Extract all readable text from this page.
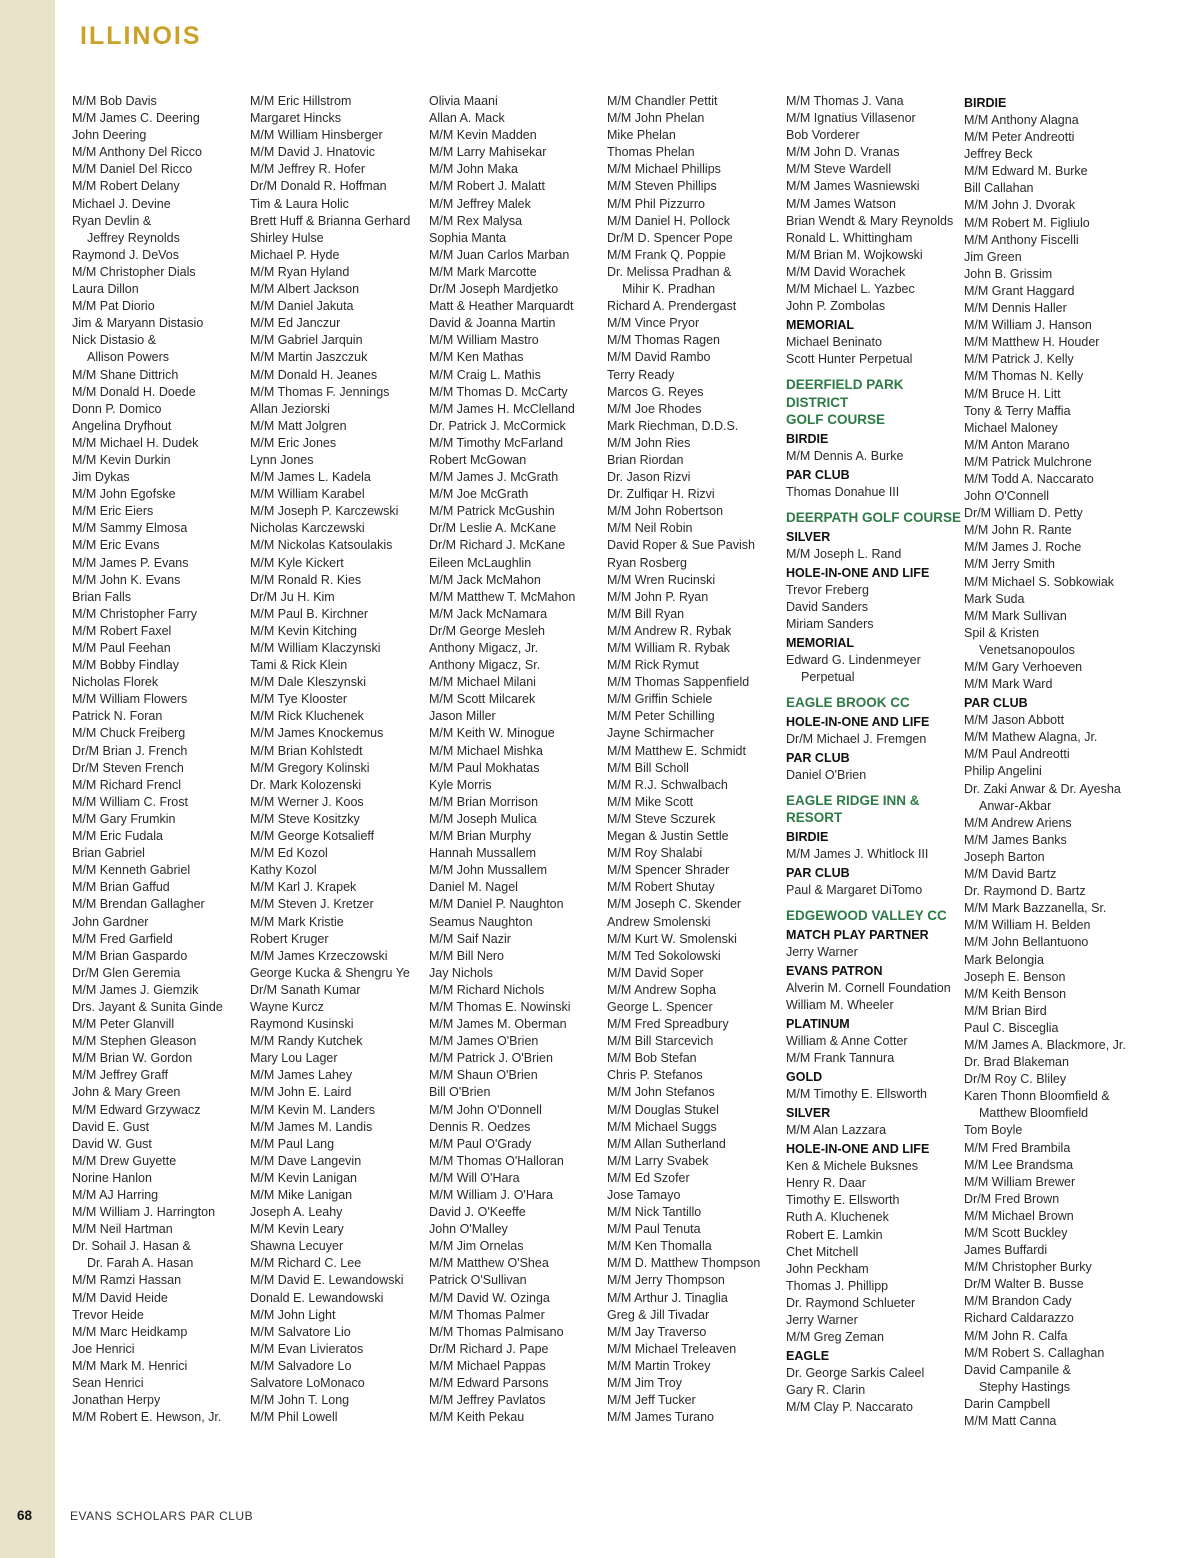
ILLINOIS
M/M Bob Davis
M/M James C. Deering
John Deering
M/M Anthony Del Ricco
M/M Daniel Del Ricco
M/M Robert Delany
Michael J. Devine
Ryan Devlin &
Jeffrey Reynolds
Raymond J. DeVos
M/M Christopher Dials
Laura Dillon
M/M Pat Diorio
Jim & Maryann Distasio
Nick Distasio &
Allison Powers
M/M Shane Dittrich
M/M Donald H. Doede
Donn P. Domico
Angelina Dryfhout
M/M Michael H. Dudek
M/M Kevin Durkin
Jim Dykas
M/M John Egofske
M/M Eric Eiers
M/M Sammy Elmosa
M/M Eric Evans
M/M James P. Evans
M/M John K. Evans
Brian Falls
M/M Christopher Farry
M/M Robert Faxel
M/M Paul Feehan
M/M Bobby Findlay
Nicholas Florek
M/M William Flowers
Patrick N. Foran
M/M Chuck Freiberg
Dr/M Brian J. French
Dr/M Steven French
M/M Richard Frencl
M/M William C. Frost
M/M Gary Frumkin
M/M Eric Fudala
Brian Gabriel
M/M Kenneth Gabriel
M/M Brian Gaffud
M/M Brendan Gallagher
John Gardner
M/M Fred Garfield
M/M Brian Gaspardo
Dr/M Glen Geremia
M/M James J. Giemzik
Drs. Jayant & Sunita Ginde
M/M Peter Glanvill
M/M Stephen Gleason
M/M Brian W. Gordon
M/M Jeffrey Graff
John & Mary Green
M/M Edward Grzywacz
David E. Gust
David W. Gust
M/M Drew Guyette
Norine Hanlon
M/M AJ Harring
M/M William J. Harrington
M/M Neil Hartman
Dr. Sohail J. Hasan &
Dr. Farah A. Hasan
M/M Ramzi Hassan
M/M David Heide
Trevor Heide
M/M Marc Heidkamp
Joe Henrici
M/M Mark M. Henrici
Sean Henrici
Jonathan Herpy
M/M Robert E. Hewson, Jr.
M/M Eric Hillstrom
Margaret Hincks
M/M William Hinsberger
M/M David J. Hnatovic
M/M Jeffrey R. Hofer
Dr/M Donald R. Hoffman
Tim & Laura Holic
Brett Huff & Brianna Gerhard
Shirley Hulse
Michael P. Hyde
M/M Ryan Hyland
M/M Albert Jackson
M/M Daniel Jakuta
M/M Ed Janczur
M/M Gabriel Jarquin
M/M Martin Jaszczuk
M/M Donald H. Jeanes
M/M Thomas F. Jennings
Allan Jeziorski
M/M Matt Jolgren
M/M Eric Jones
Lynn Jones
M/M James L. Kadela
M/M William Karabel
M/M Joseph P. Karczewski
Nicholas Karczewski
M/M Nickolas Katsoulakis
M/M Kyle Kickert
M/M Ronald R. Kies
Dr/M Ju H. Kim
M/M Paul B. Kirchner
M/M Kevin Kitching
M/M William Klaczynski
Tami & Rick Klein
M/M Dale Kleszynski
M/M Tye Klooster
M/M Rick Kluchenek
M/M James Knockemus
M/M Brian Kohlstedt
M/M Gregory Kolinski
Dr. Mark Kolozenski
M/M Werner J. Koos
M/M Steve Kositzky
M/M George Kotsalieff
M/M Ed Kozol
Kathy Kozol
M/M Karl J. Krapek
M/M Steven J. Kretzer
M/M Mark Kristie
Robert Kruger
M/M James Krzeczowski
George Kucka & Shengru Ye
Dr/M Sanath Kumar
Wayne Kurcz
Raymond Kusinski
M/M Randy Kutchek
Mary Lou Lager
M/M James Lahey
M/M John E. Laird
M/M Kevin M. Landers
M/M James M. Landis
M/M Paul Lang
M/M Dave Langevin
M/M Kevin Lanigan
M/M Mike Lanigan
Joseph A. Leahy
M/M Kevin Leary
Shawna Lecuyer
M/M Richard C. Lee
M/M David E. Lewandowski
Donald E. Lewandowski
M/M John Light
M/M Salvatore Lio
M/M Evan Livieratos
M/M Salvadore Lo
Salvatore LoMonaco
M/M John T. Long
M/M Phil Lowell
Olivia Maani
Allan A. Mack
M/M Kevin Madden
M/M Larry Mahisekar
M/M John Maka
M/M Robert J. Malatt
M/M Jeffrey Malek
M/M Rex Malysa
Sophia Manta
M/M Juan Carlos Marban
M/M Mark Marcotte
Dr/M Joseph Mardjetko
Matt & Heather Marquardt
David & Joanna Martin
M/M William Mastro
M/M Ken Mathas
M/M Craig L. Mathis
M/M Thomas D. McCarty
M/M James H. McClelland
Dr. Patrick J. McCormick
M/M Timothy McFarland
Robert McGowan
M/M James J. McGrath
M/M Joe McGrath
M/M Patrick McGushin
Dr/M Leslie A. McKane
Dr/M Richard J. McKane
Eileen McLaughlin
M/M Jack McMahon
M/M Matthew T. McMahon
M/M Jack McNamara
Dr/M George Mesleh
Anthony Migacz, Jr.
Anthony Migacz, Sr.
M/M Michael Milani
M/M Scott Milcarek
Jason Miller
M/M Keith W. Minogue
M/M Michael Mishka
M/M Paul Mokhatas
Kyle Morris
M/M Brian Morrison
M/M Joseph Mulica
M/M Brian Murphy
Hannah Mussallem
M/M John Mussallem
Daniel M. Nagel
M/M Daniel P. Naughton
Seamus Naughton
M/M Saif Nazir
M/M Bill Nero
Jay Nichols
M/M Richard Nichols
M/M Thomas E. Nowinski
M/M James M. Oberman
M/M James O'Brien
M/M Patrick J. O'Brien
M/M Shaun O'Brien
Bill O'Brien
M/M John O'Donnell
Dennis R. Oedzes
M/M Paul O'Grady
M/M Thomas O'Halloran
M/M Will O'Hara
M/M William J. O'Hara
David J. O'Keeffe
John O'Malley
M/M Jim Ornelas
M/M Matthew O'Shea
Patrick O'Sullivan
M/M David W. Ozinga
M/M Thomas Palmer
M/M Thomas Palmisano
Dr/M Richard J. Pape
M/M Michael Pappas
M/M Edward Parsons
M/M Jeffrey Pavlatos
M/M Keith Pekau
M/M Chandler Pettit
M/M John Phelan
Mike Phelan
Thomas Phelan
M/M Michael Phillips
M/M Steven Phillips
M/M Phil Pizzurro
M/M Daniel H. Pollock
Dr/M D. Spencer Pope
M/M Frank Q. Poppie
Dr. Melissa Pradhan &
Mihir K. Pradhan
Richard A. Prendergast
M/M Vince Pryor
M/M Thomas Ragen
M/M David Rambo
Terry Ready
Marcos G. Reyes
M/M Joe Rhodes
Mark Riechman, D.D.S.
M/M John Ries
Brian Riordan
Dr. Jason Rizvi
Dr. Zulfiqar H. Rizvi
M/M John Robertson
M/M Neil Robin
David Roper & Sue Pavish
Ryan Rosberg
M/M Wren Rucinski
M/M John P. Ryan
M/M Bill Ryan
M/M Andrew R. Rybak
M/M William R. Rybak
M/M Rick Rymut
M/M Thomas Sappenfield
M/M Griffin Schiele
M/M Peter Schilling
Jayne Schirmacher
M/M Matthew E. Schmidt
M/M Bill Scholl
M/M R.J. Schwalbach
M/M Mike Scott
M/M Steve Sczurek
Megan & Justin Settle
M/M Roy Shalabi
M/M Spencer Shrader
M/M Robert Shutay
M/M Joseph C. Skender
Andrew Smolenski
M/M Kurt W. Smolenski
M/M Ted Sokolowski
M/M David Soper
M/M Andrew Sopha
George L. Spencer
M/M Fred Spreadbury
M/M Bill Starcevich
M/M Bob Stefan
Chris P. Stefanos
M/M John Stefanos
M/M Douglas Stukel
M/M Michael Suggs
M/M Allan Sutherland
M/M Larry Svabek
M/M Ed Szofer
Jose Tamayo
M/M Nick Tantillo
M/M Paul Tenuta
M/M Ken Thomalla
M/M D. Matthew Thompson
M/M Jerry Thompson
M/M Arthur J. Tinaglia
Greg & Jill Tivadar
M/M Jay Traverso
M/M Michael Treleaven
M/M Martin Trokey
M/M Jim Troy
M/M Jeff Tucker
M/M James Turano
M/M Thomas J. Vana
M/M Ignatius Villasenor
Bob Vorderer
M/M John D. Vranas
M/M Steve Wardell
M/M James Wasniewski
M/M James Watson
Brian Wendt & Mary Reynolds
Ronald L. Whittingham
M/M Brian M. Wojkowski
M/M David Worachek
M/M Michael L. Yazbec
John P. Zombolas
MEMORIAL
Michael Beninato
Scott Hunter Perpetual
DEERFIELD PARK DISTRICT
GOLF COURSE
BIRDIE
M/M Dennis A. Burke
PAR CLUB
Thomas Donahue III
DEERPATH GOLF COURSE
SILVER
M/M Joseph L. Rand
HOLE-IN-ONE AND LIFE
Trevor Freberg
David Sanders
Miriam Sanders
MEMORIAL
Edward G. Lindenmeyer
Perpetual
EAGLE BROOK CC
HOLE-IN-ONE AND LIFE
Dr/M Michael J. Fremgen
PAR CLUB
Daniel O'Brien
EAGLE RIDGE INN &
RESORT
BIRDIE
M/M James J. Whitlock III
PAR CLUB
Paul & Margaret DiTomo
EDGEWOOD VALLEY CC
MATCH PLAY PARTNER
Jerry Warner
EVANS PATRON
Alverin M. Cornell Foundation
William M. Wheeler
PLATINUM
William & Anne Cotter
M/M Frank Tannura
GOLD
M/M Timothy E. Ellsworth
SILVER
M/M Alan Lazzara
HOLE-IN-ONE AND LIFE
Ken & Michele Buksnes
Henry R. Daar
Timothy E. Ellsworth
Ruth A. Kluchenek
Robert E. Lamkin
Chet Mitchell
John Peckham
Thomas J. Phillipp
Dr. Raymond Schlueter
Jerry Warner
M/M Greg Zeman
EAGLE
Dr. George Sarkis Caleel
Gary R. Clarin
M/M Clay P. Naccarato
BIRDIE
M/M Anthony Alagna
M/M Peter Andreotti
Jeffrey Beck
M/M Edward M. Burke
Bill Callahan
M/M John J. Dvorak
M/M Robert M. Figliulo
M/M Anthony Fiscelli
Jim Green
John B. Grissim
M/M Grant Haggard
M/M Dennis Haller
M/M William J. Hanson
M/M Matthew H. Houder
M/M Patrick J. Kelly
M/M Thomas N. Kelly
M/M Bruce H. Litt
Tony & Terry Maffia
Michael Maloney
M/M Anton Marano
M/M Patrick Mulchrone
M/M Todd A. Naccarato
John O'Connell
Dr/M William D. Petty
M/M John R. Rante
M/M James J. Roche
M/M Jerry Smith
M/M Michael S. Sobkowiak
Mark Suda
M/M Mark Sullivan
Spil & Kristen
Venetsanopoulos
M/M Gary Verhoeven
M/M Mark Ward
PAR CLUB
M/M Jason Abbott
M/M Mathew Alagna, Jr.
M/M Paul Andreotti
Philip Angelini
Dr. Zaki Anwar & Dr. Ayesha
Anwar-Akbar
M/M Andrew Ariens
M/M James Banks
Joseph Barton
M/M David Bartz
Dr. Raymond D. Bartz
M/M Mark Bazzanella, Sr.
M/M William H. Belden
M/M John Bellantuono
Mark Belongia
Joseph E. Benson
M/M Keith Benson
M/M Brian Bird
Paul C. Bisceglia
M/M James A. Blackmore, Jr.
Dr. Brad Blakeman
Dr/M Roy C. Bliley
Karen Thonn Bloomfield &
Matthew Bloomfield
Tom Boyle
M/M Fred Brambila
M/M Lee Brandsma
M/M William Brewer
Dr/M Fred Brown
M/M Michael Brown
M/M Scott Buckley
James Buffardi
M/M Christopher Burky
Dr/M Walter B. Busse
M/M Brandon Cady
Richard Caldarazzo
M/M John R. Calfa
M/M Robert S. Callaghan
David Campanile &
Stephy Hastings
Darin Campbell
M/M Matt Canna
68	EVANS SCHOLARS PAR CLUB
